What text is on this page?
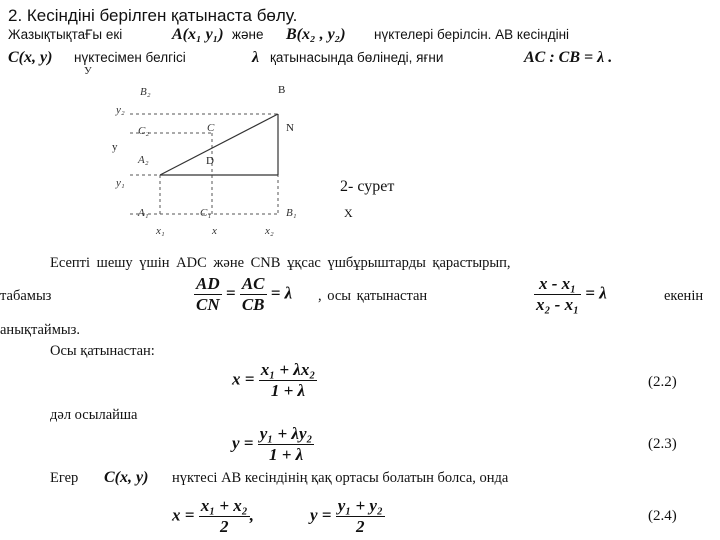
2. Кесіндіні берілген қатынаста бөлу.
ЖазықтықтаҒы екі	A(x₁ y₁) және B(x₂ , y₂) нүктелері берілсін. AB кесіндіні
C(x, y) нүктесімен белгісі	λ қатынасында бөлінеді, яғни	AC : CB = λ .
У
B
N
D
у
B₂
y₂
C₂	C
A₂
y₁
A₁	C₁	B₁
x₁	x	x₂
2- сурет
Х
Есепті шешу үшін ADC және CNB ұқсас үшбұрыштарды қарастырып,
табамыз	$\frac{AD}{CN} = \frac{AC}{CB} = \lambda$ , осы қатынастан	$\frac{\text{x - x₁}}{\text{x₂ - x₁}} = \lambda$	екенін
анықтаймыз.
Осы қатынастан:
$x = \frac{\text{x₁ + λx₂}}{1 + \lambda}$	(2.2)
дәл осылайша
$y = \frac{\text{y₁ + λy₂}}{1 + \lambda}$	(2.3)
Егер C(x, y) нүктесі AB кесіндінің қақ ортасы болатын болса, онда
$x = \frac{\text{x₁ + x₂}}{2}$ ,	$y = \frac{\text{y₁ + y₂}}{2}$	(2.4)
